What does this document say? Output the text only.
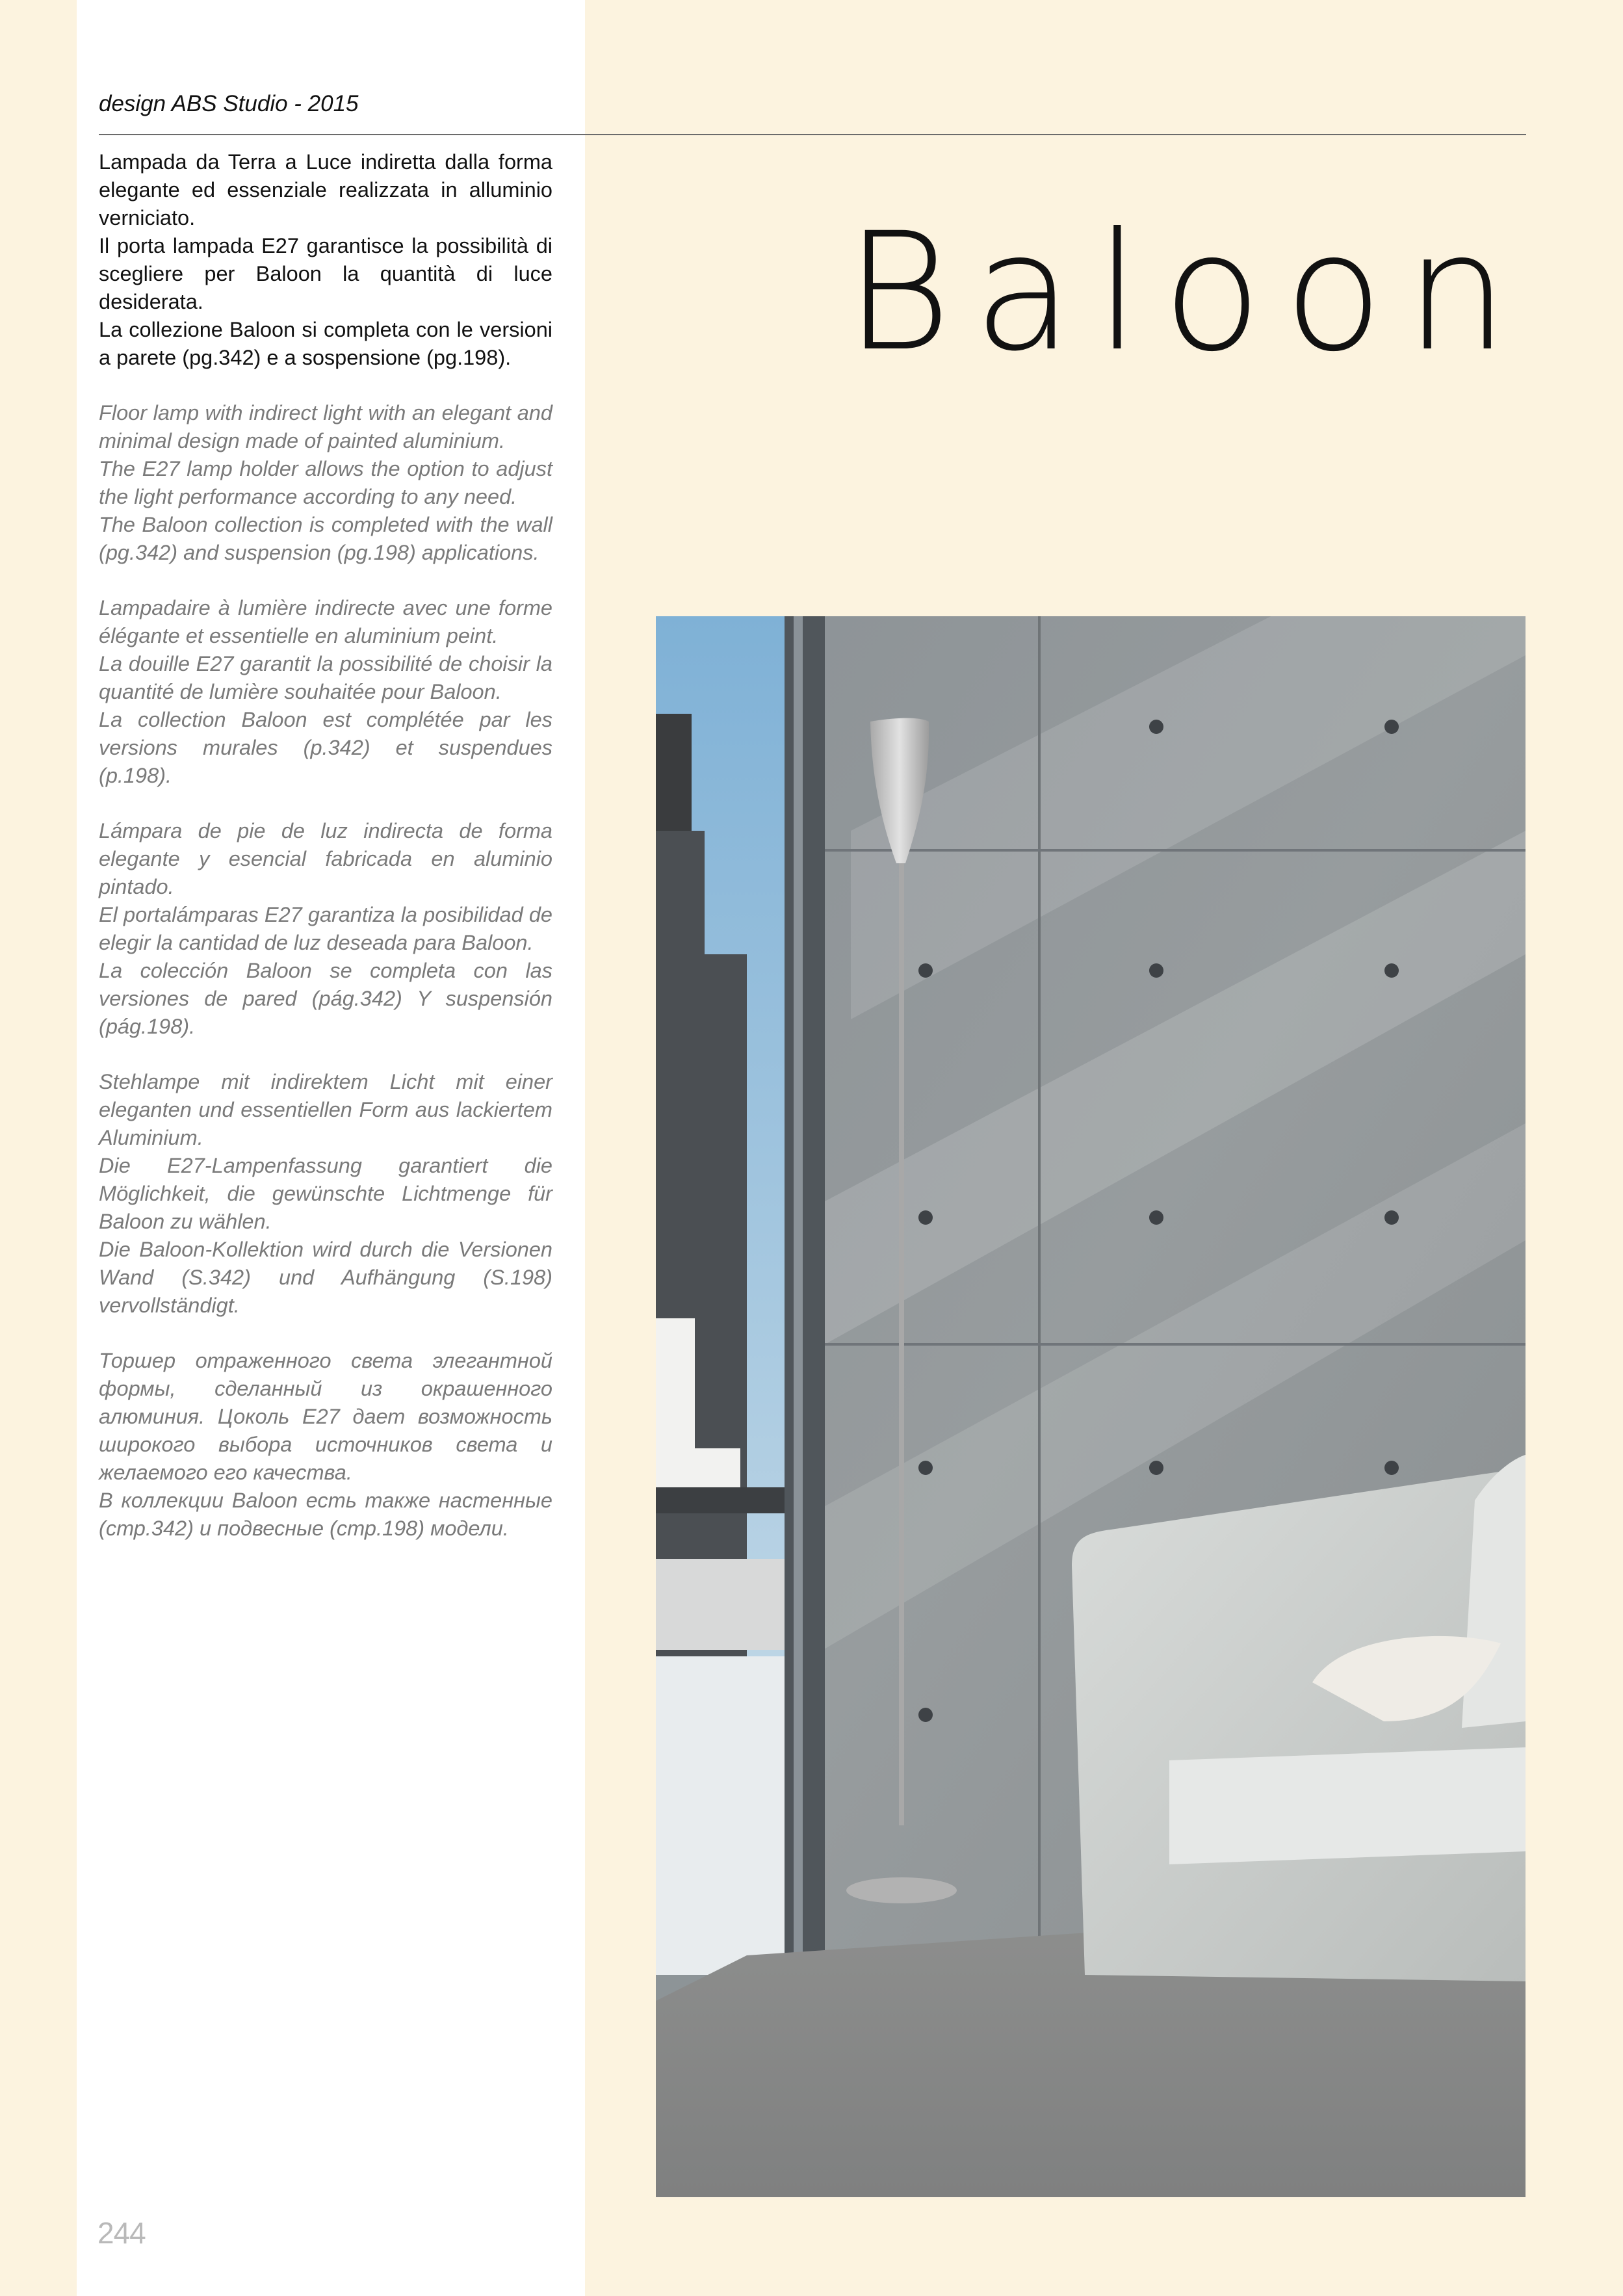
design ABS Studio - 2015

Lampada da Terra a Luce indiretta dalla forma elegante ed essenziale realizzata in alluminio verniciato.
Il porta lampada E27 garantisce la possibilità di scegliere per Baloon la quantità di luce desiderata.
La collezione Baloon si completa con le versioni a parete (pg.342) e a sospensione (pg.198).

Floor lamp with indirect light with an elegant and minimal design made of painted aluminium.
The E27 lamp holder allows the option to adjust the light performance according to any need.
The Baloon collection is completed with the wall (pg.342) and suspension (pg.198) applications.

Lampadaire à lumière indirecte avec une forme élégante et essentielle en aluminium peint.
La douille E27 garantit la possibilité de choisir la quantité de lumière souhaitée pour Baloon.
La collection Baloon est complétée par les versions murales (p.342) et suspendues (p.198).

Lámpara de pie de luz indirecta de forma elegante y esencial fabricada en aluminio pintado.
El portalámparas E27 garantiza la posibilidad de elegir la cantidad de luz deseada para Baloon.
La colección Baloon se completa con las versiones de pared (pág.342) Y suspensión (pág.198).

Stehlampe mit indirektem Licht mit einer eleganten und essentiellen Form aus lackiertem Aluminium.
Die E27-Lampenfassung garantiert die Möglichkeit, die gewünschte Lichtmenge für Baloon zu wählen.
Die Baloon-Kollektion wird durch die Versionen Wand (S.342) und Aufhängung (S.198) vervollständigt.

Торшер отраженного света элегантной формы, сделанный из окрашенного алюминия. Цоколь E27 дает возможность широкого выбора источников света и желаемого его качества.
В коллекции Baloon есть также настенные (стр.342) и подвесные (стр.198) модели.

Baloon

244
